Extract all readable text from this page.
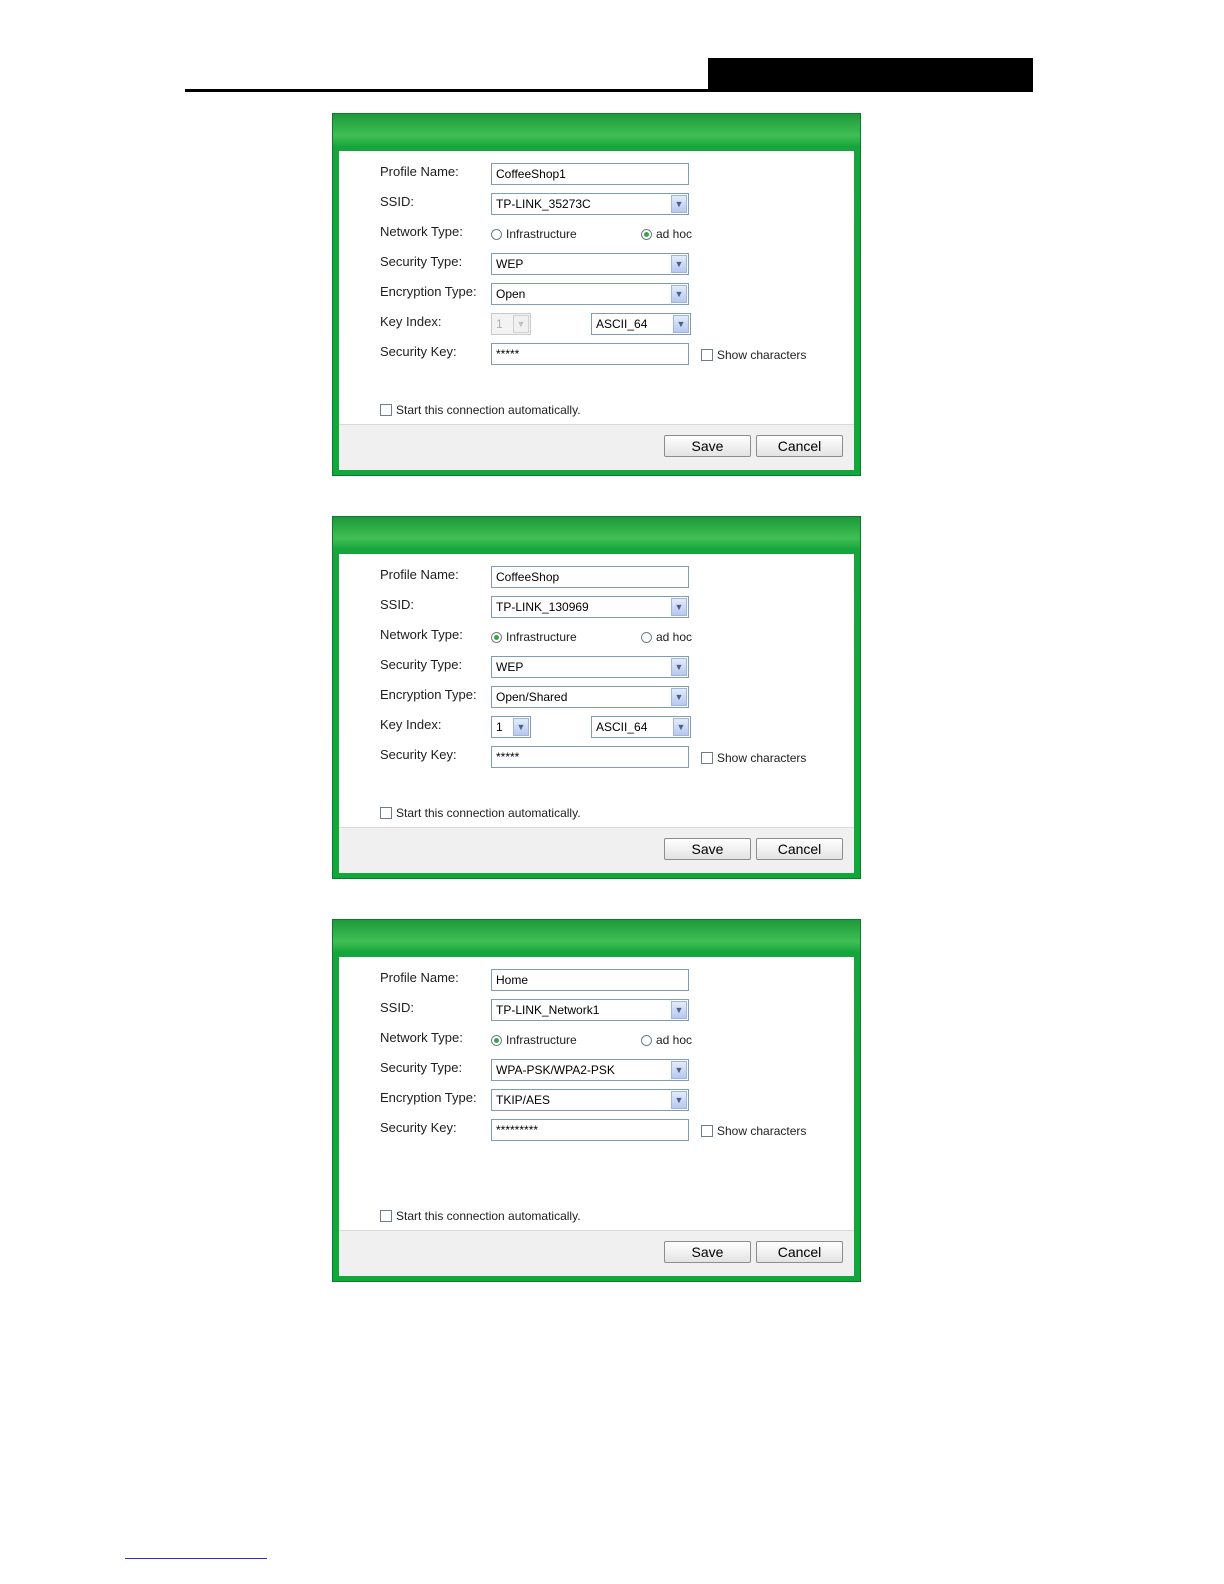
Profile Name:	CoffeeShop1
SSID:	TP-LINK_35273C	▼
Network Type:	Infrastructure	ad hoc
Security Type:	WEP	▼
Encryption Type: Open	▼
Key Index:	1	▼	ASCII_64	▼
Security Key:	*****	Show characters
Start this connection automatically.
Save	Cancel
Profile Name:	CoffeeShop
SSID:	TP-LINK_130969	▼
Network Type:	Infrastructure	ad hoc
Security Type:	WEP	▼
Encryption Type: Open/Shared	▼
Key Index:	1	▼	ASCII_64	▼
Security Key:	*****	Show characters
Start this connection automatically.
Save	Cancel
Profile Name:	Home
SSID:	TP-LINK_Network1	▼
Network Type:	Infrastructure	ad hoc
Security Type:	WPA-PSK/WPA2-PSK	▼
Encryption Type: TKIP/AES	▼
Security Key:	*********	Show characters
Start this connection automatically.
Save	Cancel
